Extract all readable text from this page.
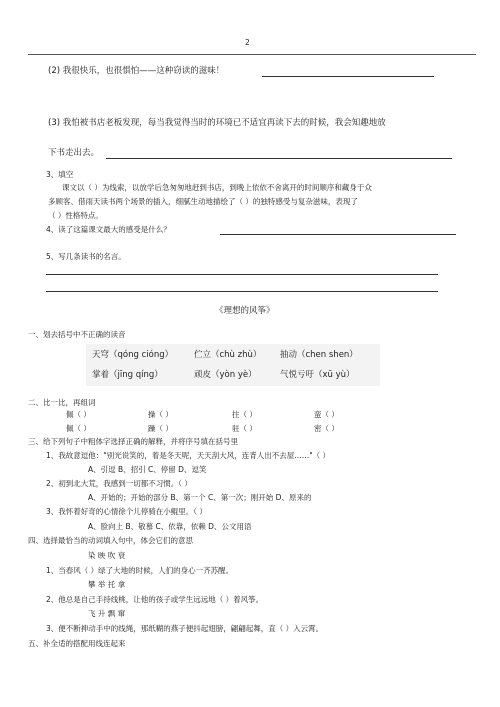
2
(2) 我很快乐，也很惧怕——这种窃读的滋味！
(3) 我怕被书店老板发现，每当我觉得当时的环境已不适宜再读下去的时候，我会知趣地放
下书走出去。
3、填空
课文以（ ）为线索，以放学后急匆匆地赶到书店，到晚上依依不舍离开的时间顺序和藏身于众
多顾客、借雨天读书两个场景的插入，细腻生动地描绘了（ ）的独特感受与复杂滋味，表现了
（ ）性格特点。
4、读了这篇课文最大的感受是什么？
5、写几条读书的名言。
《理想的风筝》
一、划去括号中不正确的读音
天穹（qóng cióng） 伫立（chù zhù） 抽动（chen shen）
掌着（jīng qíng）	顽皮（yòn yè）	气悦亏吁（xū yù）
二、比一比，再组词
佩（ ）	操（ ）	拄（ ）	蛮（ ）
佩（ ）	躁（ ）	驻（ ）	密（ ）
三、给下列句子中粗体字选择正确的解释，并将序号填在括号里
1、我故意逗他："别光说笑的，着是冬天呢，天天刮大风，连背人出不去屋……"（ ）
A、引逗 B、招引 C、停留 D、逗笑
2、初到北大荒，我感到一切都不习惯。（ ）
A、开始的；开始的部分 B、第一个 C、第一次；刚开始 D、原来的
3、我怀着好奇的心情徐个儿停骑在小鲲里。（ ）
A、脸向上 B、敬慕 C、依靠，依赖 D、公文用语
四、选择最恰当的动词填入句中，体会它们的意思
染 映 吹 衰
1、当春风（ ）绿了大地的时候，人们的身心一齐苏醒。
攀 举 托 拿
2、他总是自己手持线桃，让他的孩子或学生远远地（ ）着风筝。
飞 升 飘 窜
3、便不断抻动手中的线绳，那纸糊的燕子便抖起翅膀，翩翩起舞，直（ ）入云霄。
五、补全适的搭配用线连起来
